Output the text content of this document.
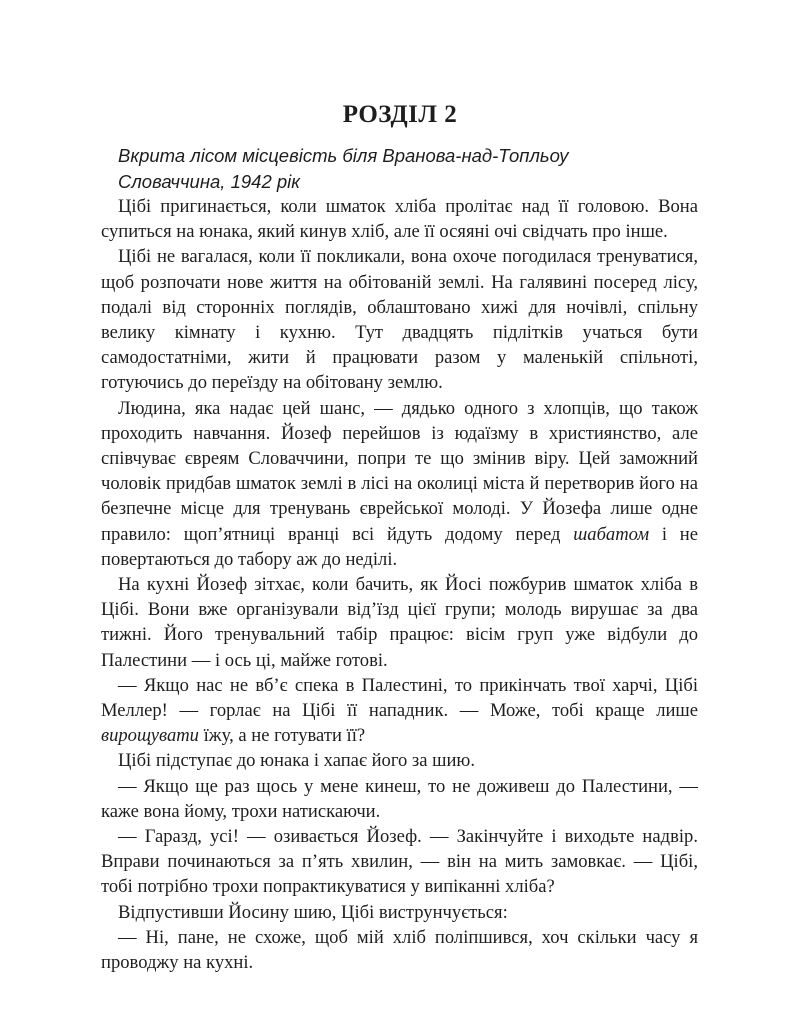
РОЗДІЛ 2
Вкрита лісом місцевість біля Вранова-над-Топльоу
Словаччина, 1942 рік

Цібі пригинається, коли шматок хліба пролітає над її головою. Вона супиться на юнака, який кинув хліб, але її осяяні очі свідчать про інше.

Цібі не вагалася, коли її покликали, вона охоче погодилася тренуватися, щоб розпочати нове життя на обітованій землі. На галявині посеред лісу, подалі від сторонніх поглядів, облаштовано хижі для ночівлі, спільну велику кімнату і кухню. Тут двадцять підлітків учаться бути самодостатніми, жити й працювати разом у маленькій спільноті, готуючись до переїзду на обітовану землю.

Людина, яка надає цей шанс, — дядько одного з хлопців, що також проходить навчання. Йозеф перейшов із юдаїзму в християнство, але співчуває євреям Словаччини, попри те що змінив віру. Цей заможний чоловік придбав шматок землі в лісі на околиці міста й перетворив його на безпечне місце для тренувань єврейської молоді. У Йозефа лише одне правило: щоп’ятниці вранці всі йдуть додому перед шабатом і не повертаються до табору аж до неділі.

На кухні Йозеф зітхає, коли бачить, як Йосі пожбурив шматок хліба в Цібі. Вони вже організували від’їзд цієї групи; молодь вирушає за два тижні. Його тренувальний табір працює: вісім груп уже відбули до Палестини — і ось ці, майже готові.

— Якщо нас не вб’є спека в Палестині, то прикінчать твої харчі, Цібі Меллер! — горлає на Цібі її нападник. — Може, тобі краще лише вирощувати їжу, а не готувати її?

Цібі підступає до юнака і хапає його за шию.

— Якщо ще раз щось у мене кинеш, то не доживеш до Палестини, — каже вона йому, трохи натискаючи.

— Гаразд, усі! — озивається Йозеф. — Закінчуйте і виходьте надвір. Вправи починаються за п’ять хвилин, — він на мить замовкає. — Цібі, тобі потрібно трохи попрактикуватися у випіканні хліба?

Відпустивши Йосину шию, Цібі виструнчується:

— Ні, пане, не схоже, щоб мій хліб поліпшився, хоч скільки часу я проводжу на кухні.
